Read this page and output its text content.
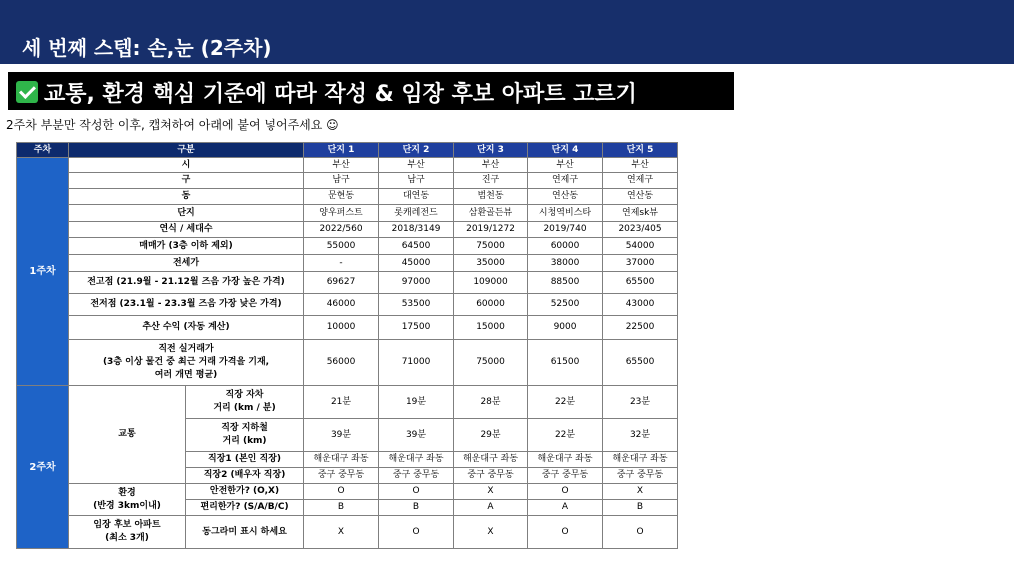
세 번째 스텝: 손,눈 (2주차)
교통, 환경 핵심 기준에 따라 작성 & 임장 후보 아파트 고르기
2주차 부분만 작성한 이후, 캡쳐하여 아래에 붙여 넣어주세요 ☺
주차	구분		단지 1	단지 2	단지 3	단지 4	단지 5
1주차	시		부산	부산	부산	부산	부산
	구		남구	남구	진구	연제구	연제구
	동		문현동	대연동	범천동	연산동	연산동
	단지		양우퍼스트	롯캐레전드	삼환골든뷰	시청역비스타	연제sk뷰
	연식 / 세대수		2022/560	2018/3149	2019/1272	2019/740	2023/405
	매매가 (3층 이하 제외)		55000	64500	75000	60000	54000
	전세가		-	45000	35000	38000	37000
	전고점 (21.9월 - 21.12월 즈음 가장 높은 가격)		69627	97000	109000	88500	65500
	전저점 (23.1월 - 23.3월 즈음 가장 낮은 가격)		46000	53500	60000	52500	43000
	추산 수익 (자동 계산)		10000	17500	15000	9000	22500

	직전 실거래가
(3층 이상 물건 중 최근 거래 가격을 기재,
여러 개면 평균)		56000	71000	75000	61500	65500
2주차	교통	직장 자차
거리 (km / 분)	21분	19분	28분	22분	23분

		직장 지하철
거리 (km)	39분	39분	29분	22분	32분
		직장1 (본인 직장)	해운대구 좌동	해운대구 좌동	해운대구 좌동	해운대구 좌동	해운대구 좌동
		직장2 (배우자 직장)	중구 중무동	중구 중무동	중구 중무동	중구 중무동	중구 중무동

	환경
(반경 3km이내)	안전한가? (O,X)	O	O	X	O	X
		편리한가? (S/A/B/C)	B	B	A	A	B

	임장 후보 아파트
(최소 3개)	동그라미 표시 하세요	X	O	X	O	O
